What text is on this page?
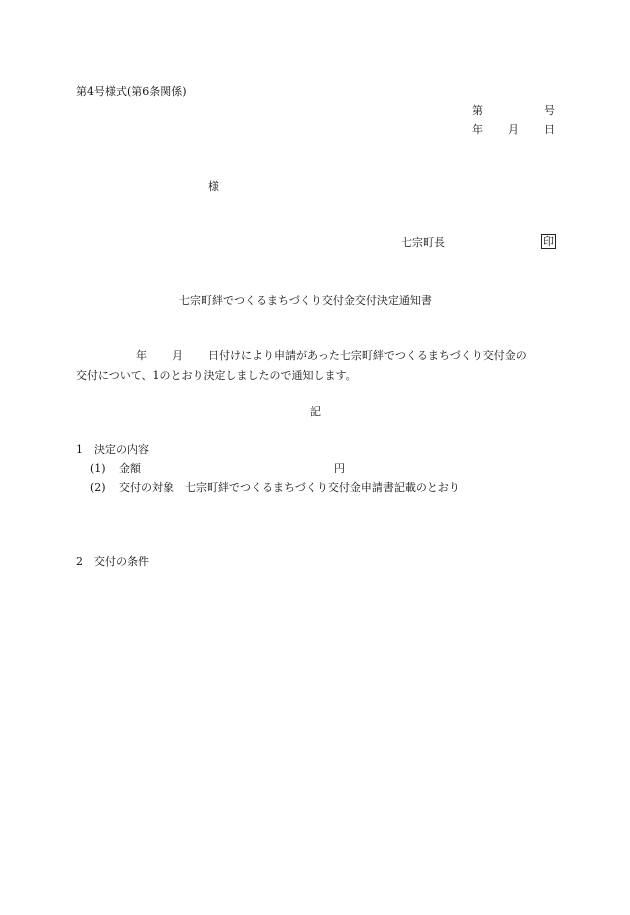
第4号様式(第6条関係)
第	号
年 月 日
様
七宗町長	印
七宗町絆でつくるまちづくり交付金交付決定通知書
年 月 日付けにより申請があった七宗町絆でつくるまちづくり交付金の
交付について、1のとおり決定しましたので通知します。
記
1　決定の内容
(1) 金額	円
(2) 交付の対象　七宗町絆でつくるまちづくり交付金申請書記載のとおり
2　交付の条件
